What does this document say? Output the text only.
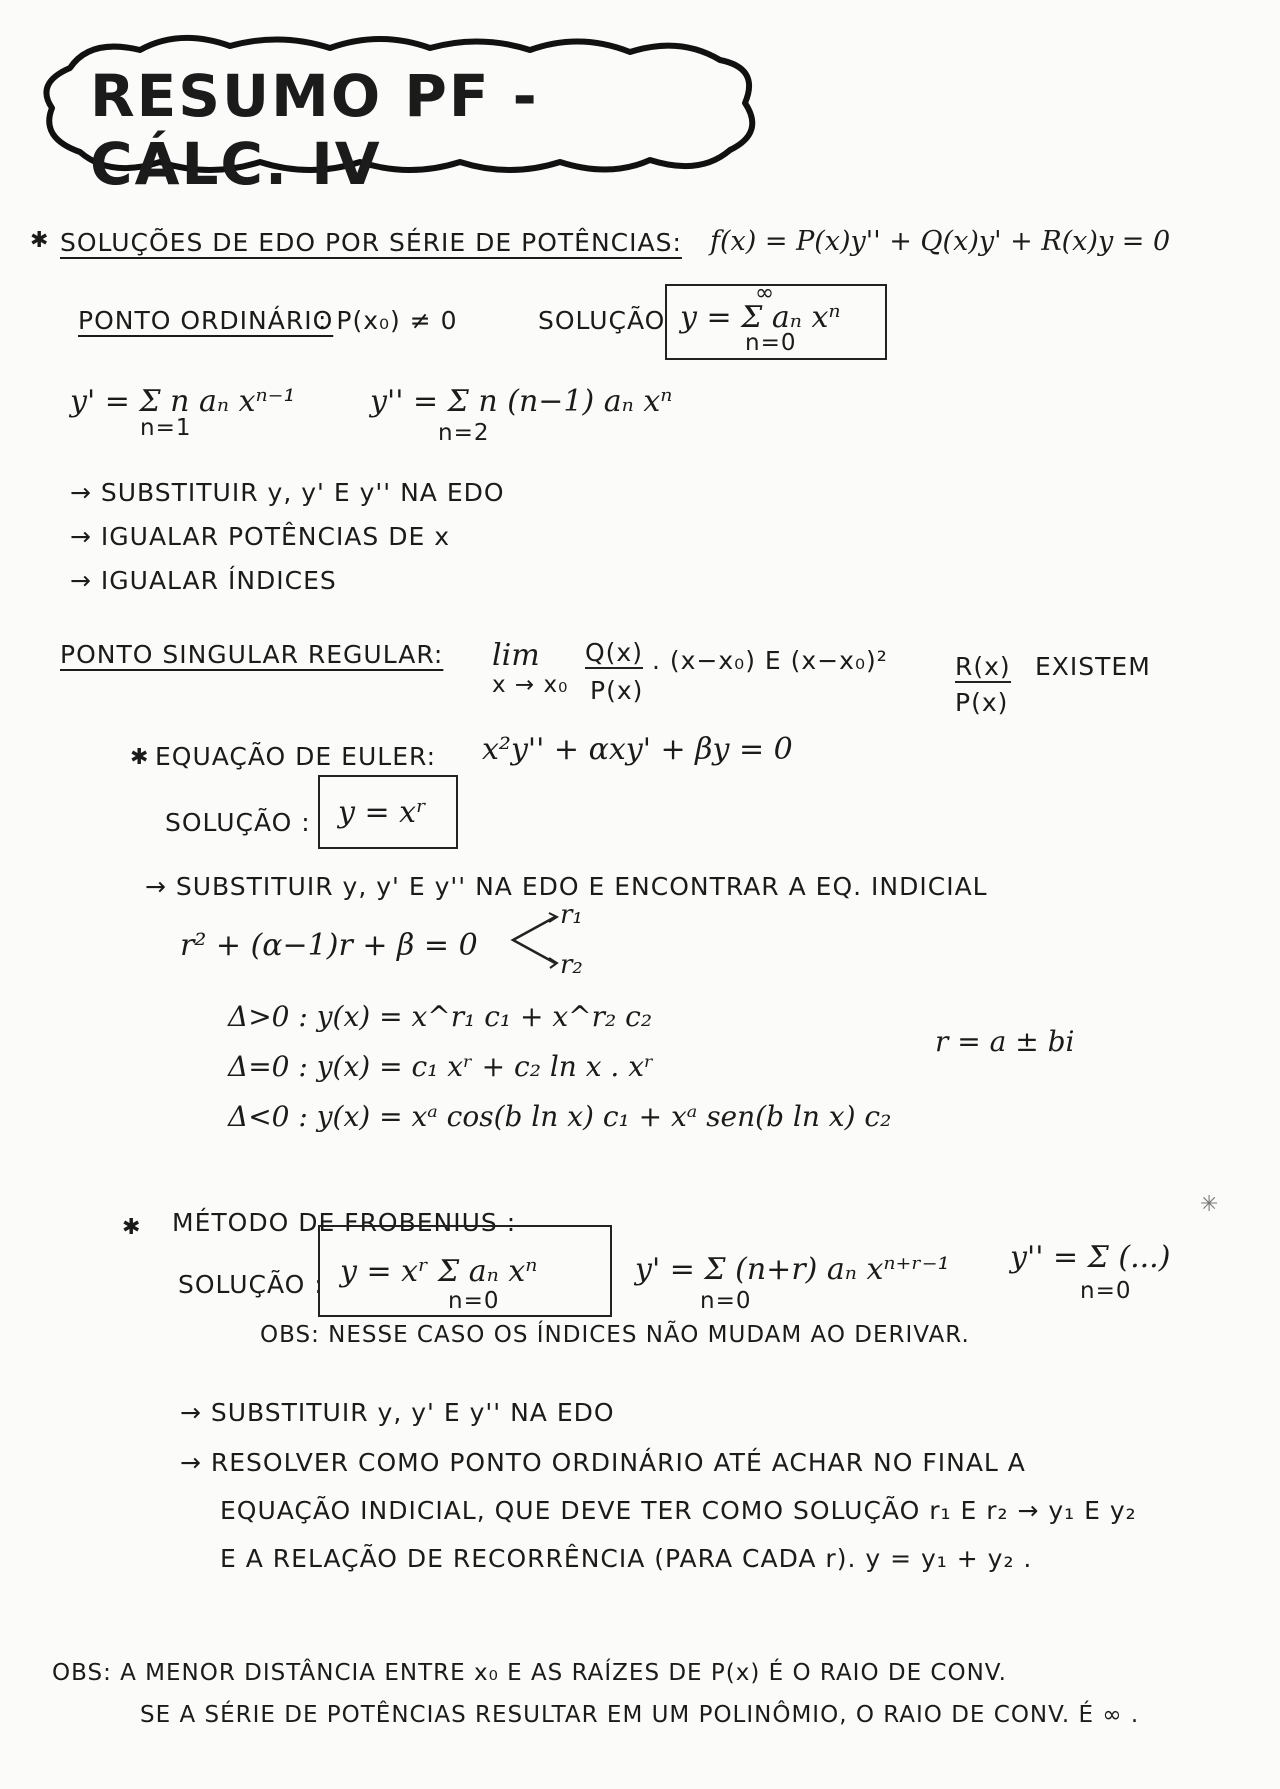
RESUMO PF - CÁLC. IV
✱ SOLUÇÕES DE EDO POR SÉRIE DE POTÊNCIAS: f(x) = P(x)y'' + Q(x)y' + R(x)y = 0
PONTO ORDINÁRIO
: P(x₀) ≠ 0	SOLUÇÃO y = Σ aₙ xⁿ
∞
n=0
y' = Σ n aₙ xⁿ⁻¹
n=1
y'' = Σ n (n−1) aₙ xⁿ
n=2
→ SUBSTITUIR y, y' E y'' NA EDO
→ IGUALAR POTÊNCIAS DE x
→ IGUALAR ÍNDICES
PONTO SINGULAR REGULAR: lim
x → x₀
Q(x)
P(x)
. (x−x₀) E (x−x₀)²	R(x)
P(x)
EXISTEM
✱ EQUAÇÃO DE EULER: x²y'' + αxy' + βy = 0
SOLUÇÃO : y = xʳ
→ SUBSTITUIR y, y' E y'' NA EDO E ENCONTRAR A EQ. INDICIAL
r² + (α−1)r + β = 0
r₁
r₂
Δ>0 : y(x) = x^r₁ c₁ + x^r₂ c₂
Δ=0 : y(x) = c₁ xʳ + c₂ ln x . xʳ
Δ<0 : y(x) = xᵃ cos(b ln x) c₁ + xᵃ sen(b ln x) c₂
r = a ± bi
✱ MÉTODO DE FROBENIUS :
SOLUÇÃO : y = xʳ Σ aₙ xⁿ
n=0
y' = Σ (n+r) aₙ xⁿ⁺ʳ⁻¹
n=0
y'' = Σ (...)
n=0
✳
OBS: NESSE CASO OS ÍNDICES NÃO MUDAM AO DERIVAR.
→ SUBSTITUIR y, y' E y'' NA EDO
→ RESOLVER COMO PONTO ORDINÁRIO ATÉ ACHAR NO FINAL A
EQUAÇÃO INDICIAL, QUE DEVE TER COMO SOLUÇÃO r₁ E r₂ → y₁ E y₂
E A RELAÇÃO DE RECORRÊNCIA (PARA CADA r). y = y₁ + y₂ .
OBS: A MENOR DISTÂNCIA ENTRE x₀ E AS RAÍZES DE P(x) É O RAIO DE CONV.
SE A SÉRIE DE POTÊNCIAS RESULTAR EM UM POLINÔMIO, O RAIO DE CONV. É ∞ .
